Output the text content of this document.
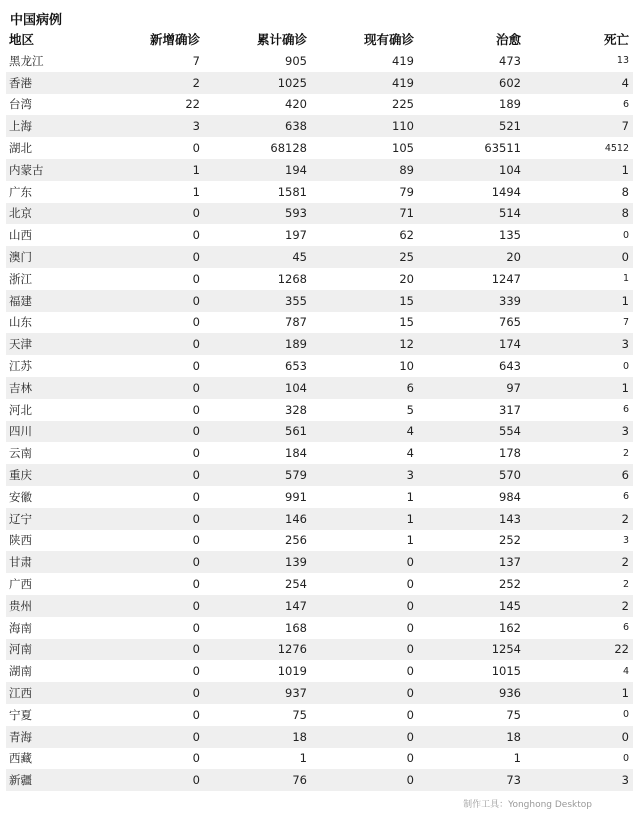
中国病例
地区	新增确诊	累计确诊	现有确诊	治愈	死亡
黑龙江	7	905	419	473	13
香港	2	1025	419	602	4
台湾	22	420	225	189	6
上海	3	638	110	521	7
湖北	0	68128	105	63511	4512
内蒙古	1	194	89	104	1
广东	1	1581	79	1494	8
北京	0	593	71	514	8
山西	0	197	62	135	0
澳门	0	45	25	20	0
浙江	0	1268	20	1247	1
福建	0	355	15	339	1
山东	0	787	15	765	7
天津	0	189	12	174	3
江苏	0	653	10	643	0
吉林	0	104	6	97	1
河北	0	328	5	317	6
四川	0	561	4	554	3
云南	0	184	4	178	2
重庆	0	579	3	570	6
安徽	0	991	1	984	6
辽宁	0	146	1	143	2
陕西	0	256	1	252	3
甘肃	0	139	0	137	2
广西	0	254	0	252	2
贵州	0	147	0	145	2
海南	0	168	0	162	6
河南	0	1276	0	1254	22
湖南	0	1019	0	1015	4
江西	0	937	0	936	1
宁夏	0	75	0	75	0
青海	0	18	0	18	0
西藏	0	1	0	1	0
新疆	0	76	0	73	3
制作工具：Yonghong Desktop
